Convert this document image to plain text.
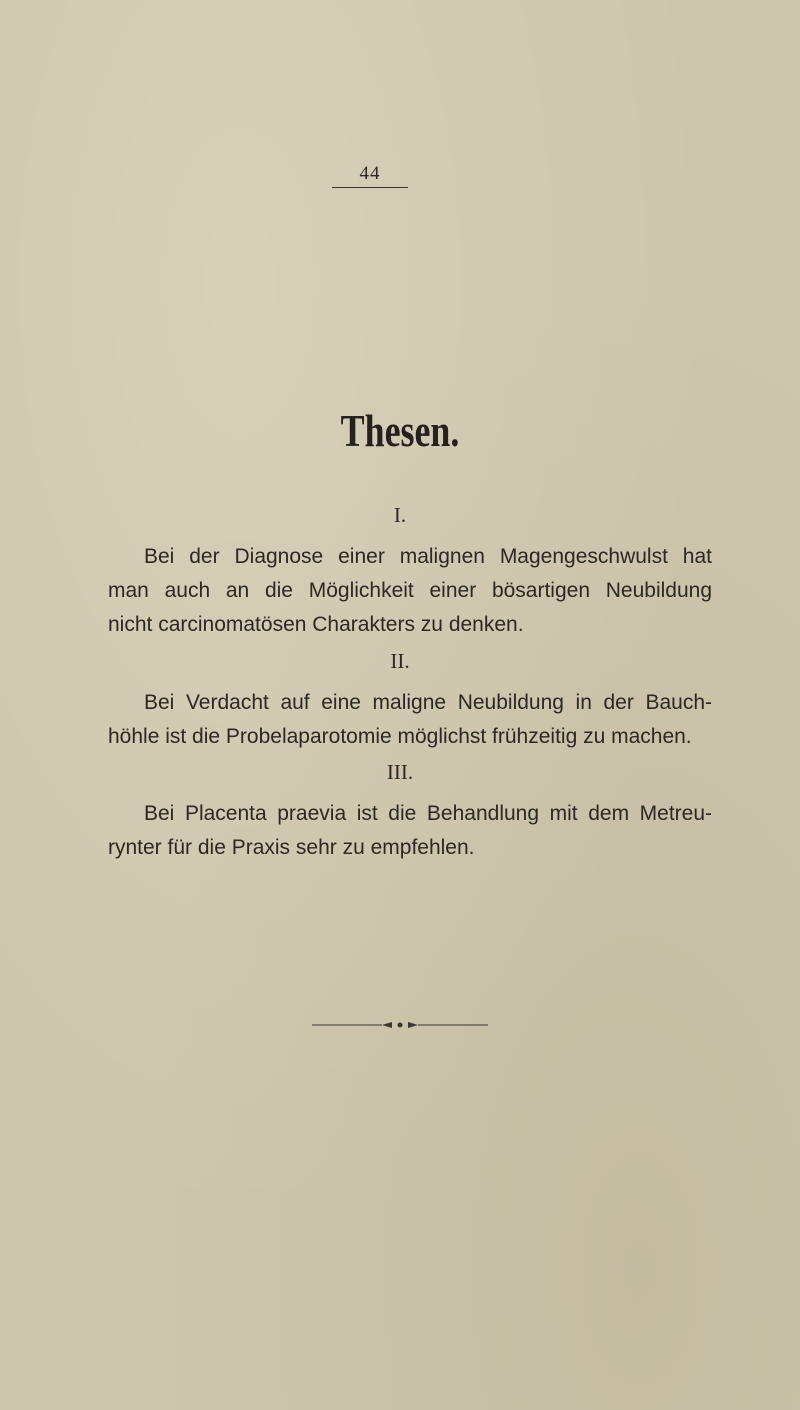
44
Thesen.
I.
Bei der Diagnose einer malignen Magengeschwulst hat
man auch an die Möglichkeit einer bösartigen Neubildung
nicht carcinomatösen Charakters zu denken.
II.
Bei Verdacht auf eine maligne Neubildung in der Bauch-
höhle ist die Probelaparotomie möglichst frühzeitig zu machen.
III.
Bei Placenta praevia ist die Behandlung mit dem Metreu-
rynter für die Praxis sehr zu empfehlen.
